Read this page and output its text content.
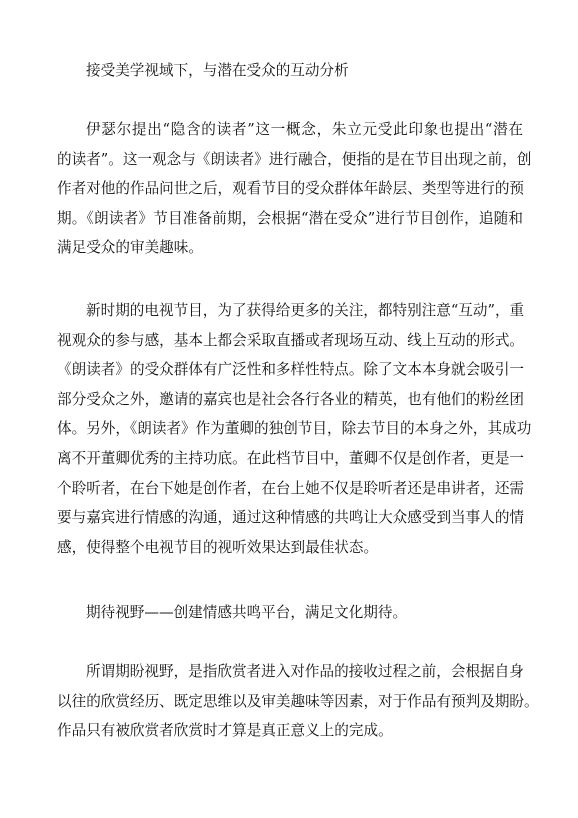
接受美学视域下，与潜在受众的互动分析
伊瑟尔提出“隐含的读者”这一概念，朱立元受此印象也提出“潜在
的读者”。这一观念与《朗读者》进行融合，便指的是在节目出现之前，创
作者对他的作品问世之后，观看节目的受众群体年龄层、类型等进行的预
期。《朗读者》节目准备前期，会根据“潜在受众”进行节目创作，追随和
满足受众的审美趣味。
新时期的电视节目，为了获得给更多的关注，都特别注意“互动”，重
视观众的参与感，基本上都会采取直播或者现场互动、线上互动的形式。
《朗读者》的受众群体有广泛性和多样性特点。除了文本本身就会吸引一
部分受众之外，邀请的嘉宾也是社会各行各业的精英，也有他们的粉丝团
体。另外，《朗读者》作为董卿的独创节目，除去节目的本身之外，其成功
离不开董卿优秀的主持功底。在此档节目中，董卿不仅是创作者，更是一
个聆听者，在台下她是创作者，在台上她不仅是聆听者还是串讲者，还需
要与嘉宾进行情感的沟通，通过这种情感的共鸣让大众感受到当事人的情
感，使得整个电视节目的视听效果达到最佳状态。
期待视野——创建情感共鸣平台，满足文化期待。
所谓期盼视野，是指欣赏者进入对作品的接收过程之前，会根据自身
以往的欣赏经历、既定思维以及审美趣味等因素，对于作品有预判及期盼。
作品只有被欣赏者欣赏时才算是真正意义上的完成。
